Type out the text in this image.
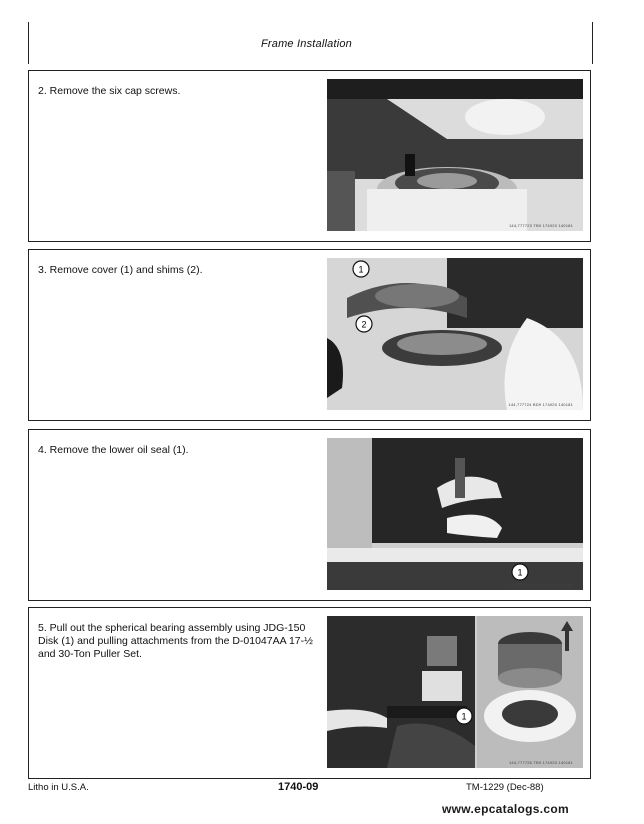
Frame Installation
2. Remove the six cap screws.
144,777723 TB9 174020 140181
3. Remove cover (1) and shims (2).	1
2
144,777724 BD9 174020 140181
4. Remove the lower oil seal (1).
1
144,777725 TB9 174020 140181
5. Pull out the spherical bearing assembly using JDG-150 Disk (1) and pulling attachments from the D-01047AA 17-½ and 30-Ton Puller Set.
1
144,777726 TB9 174020 140181
Litho in U.S.A.	1740-09	TM-1229 (Dec-88)
www.epcatalogs.com
